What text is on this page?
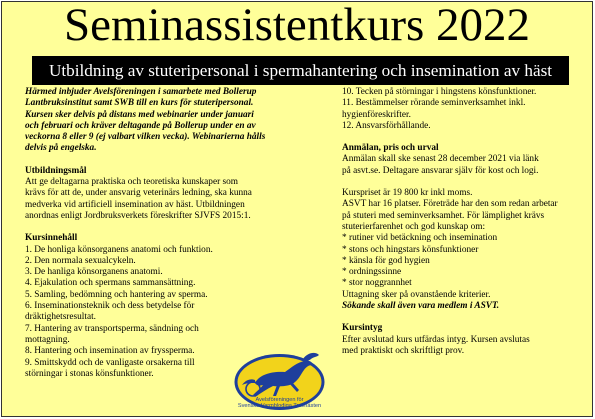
Seminassistentkurs 2022
Utbildning av stuteripersonal i spermahantering och insemination av häst
Härmed inbjuder Avelsföreningen i samarbete med Bollerup
Lantbruksinstitut samt SWB till en kurs för stuteripersonal.
Kursen sker delvis på distans med webinarier under januari
och februari och kräver deltagande på Bollerup under en av
veckorna 8 eller 9 (ej valbart vilken vecka). Webinarierna hålls
delvis på engelska.
Utbildningsmål
Att ge deltagarna praktiska och teoretiska kunskaper som
krävs för att de, under ansvarig veterinärs ledning, ska kunna
medverka vid artificiell insemination av häst. Utbildningen
anordnas enligt Jordbruksverkets föreskrifter SJVFS 2015:1.
Kursinnehåll
1. De honliga könsorganens anatomi och funktion.
2. Den normala sexualcykeln.
3. De hanliga könsorganens anatomi.
4. Ejakulation och spermans sammansättning.
5. Samling, bedömning och hantering av sperma.
6. Inseminationsteknik och dess betydelse för
dräktighetsresultat.
7. Hantering av transportsperma, sändning och
mottagning.
8. Hantering och insemination av fryssperma.
9. Smittskydd och de vanligaste orsakerna till
störningar i stonas könsfunktioner.
10. Tecken på störningar i hingstens könsfunktioner.
11. Bestämmelser rörande seminverksamhet inkl.
hygienföreskrifter.
12. Ansvarsförhållande.
Anmälan, pris och urval
Anmälan skall ske senast 28 december 2021 via länk
på asvt.se. Deltagare ansvarar själv för kost och logi.
Kurspriset är 19 800 kr inkl moms.
ASVT har 16 platser. Företräde har den som redan arbetar
på stuteri med seminverksamhet. För lämplighet krävs
stuterierfarenhet och god kunskap om:
* rutiner vid betäckning och insemination
* stons och hingstars könsfunktioner
* känsla för god hygien
* ordningssinne
* stor noggrannhet
Uttagning sker på ovanstående kriterier.
Sökande skall även vara medlem i ASVT.
Kursintyg
Efter avslutad kurs utfärdas intyg. Kursen avslutas
med praktiskt och skriftligt prov.
Avelsföreningen för
Svenska Varmblodiga Travhästen
